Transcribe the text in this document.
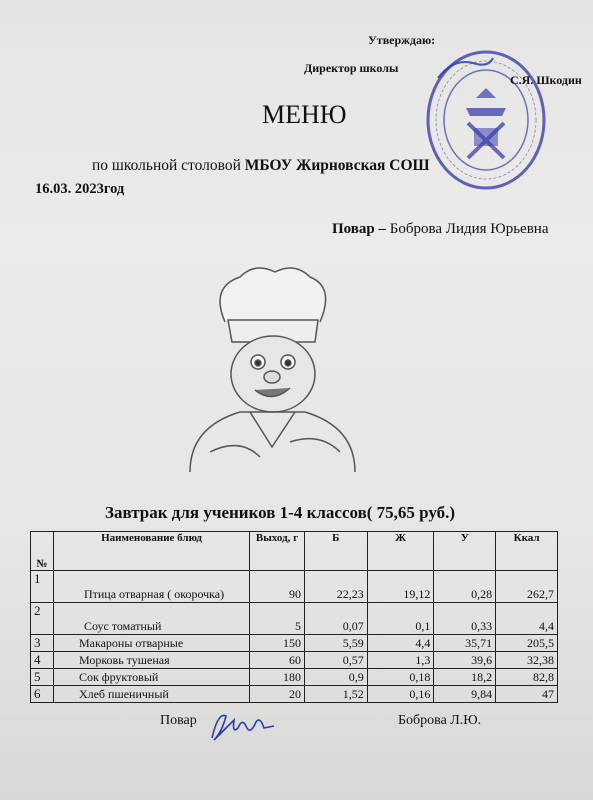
Утверждаю:
Директор школы
С.Я. Шкодин
МЕНЮ
по школьной столовой МБОУ Жирновская СОШ
16.03. 2023год
Повар – Боброва Лидия Юрьевна
Завтрак для учеников 1-4 классов( 75,65 руб.)
№	Наименование блюд	Выход, г	Б	Ж	У	Ккал
1	Птица отварная ( окорочка)	90	22,23	19,12	0,28	262,7
2	Соус томатный	5	0,07	0,1	0,33	4,4
3	Макароны отварные	150	5,59	4,4	35,71	205,5
4	Морковь тушеная	60	0,57	1,3	39,6	32,38
5	Сок фруктовый	180	0,9	0,18	18,2	82,8
6	Хлеб пшеничный	20	1,52	0,16	9,84	47
Повар	Боброва Л.Ю.
